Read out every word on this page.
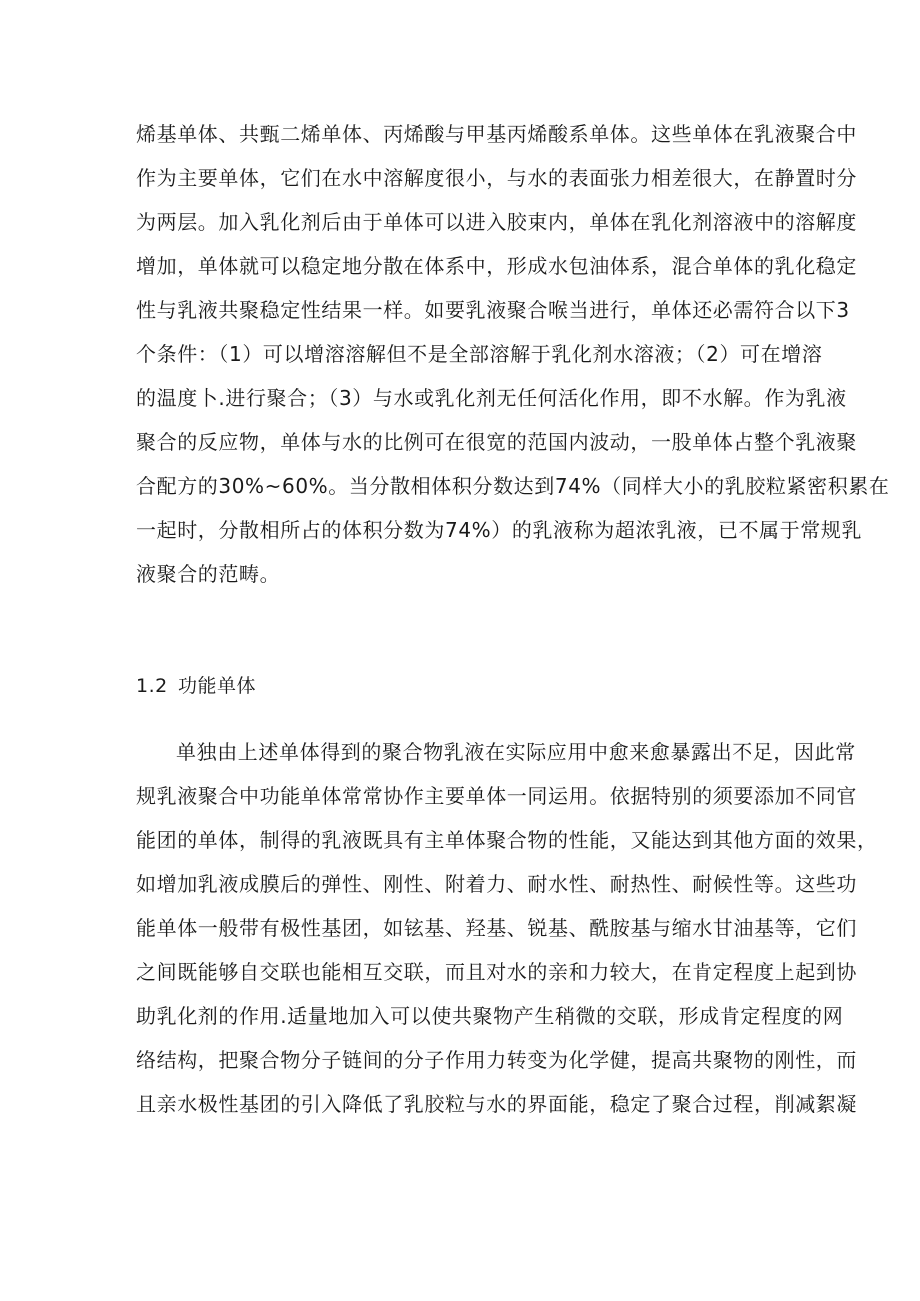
烯基单体、共甄二烯单体、丙烯酸与甲基丙烯酸系单体。这些单体在乳液聚合中
作为主要单体，它们在水中溶解度很小，与水的表面张力相差很大，在静置时分
为两层。加入乳化剂后由于单体可以进入胶束内，单体在乳化剂溶液中的溶解度
增加，单体就可以稳定地分散在体系中，形成水包油体系，混合单体的乳化稳定
性与乳液共聚稳定性结果一样。如要乳液聚合喉当进行，单体还必需符合以下3
个条件：（1）可以增溶溶解但不是全部溶解于乳化剂水溶液；（2）可在增溶
的温度卜.进行聚合；（3）与水或乳化剂无任何活化作用，即不水解。作为乳液
聚合的反应物，单体与水的比例可在很宽的范国内波动，一股单体占整个乳液聚
合配方的30%~60%。当分散相体积分数达到74%（同样大小的乳胶粒紧密积累在
一起时，分散相所占的体积分数为74%）的乳液称为超浓乳液，已不属于常规乳
液聚合的范畴。
1.2 功能单体
单独由上述单体得到的聚合物乳液在实际应用中愈来愈暴露出不足，因此常
规乳液聚合中功能单体常常协作主要单体一同运用。依据特别的须要添加不同官
能团的单体，制得的乳液既具有主单体聚合物的性能，又能达到其他方面的效果，
如增加乳液成膜后的弹性、刚性、附着力、耐水性、耐热性、耐候性等。这些功
能单体一般带有极性基团，如铉基、羟基、锐基、酰胺基与缩水甘油基等，它们
之间既能够自交联也能相互交联，而且对水的亲和力较大，在肯定程度上起到协
助乳化剂的作用.适量地加入可以使共聚物产生稍微的交联，形成肯定程度的网
络结构，把聚合物分子链间的分子作用力转变为化学健，提高共聚物的刚性，而
且亲水极性基团的引入降低了乳胶粒与水的界面能，稳定了聚合过程，削减絮凝
